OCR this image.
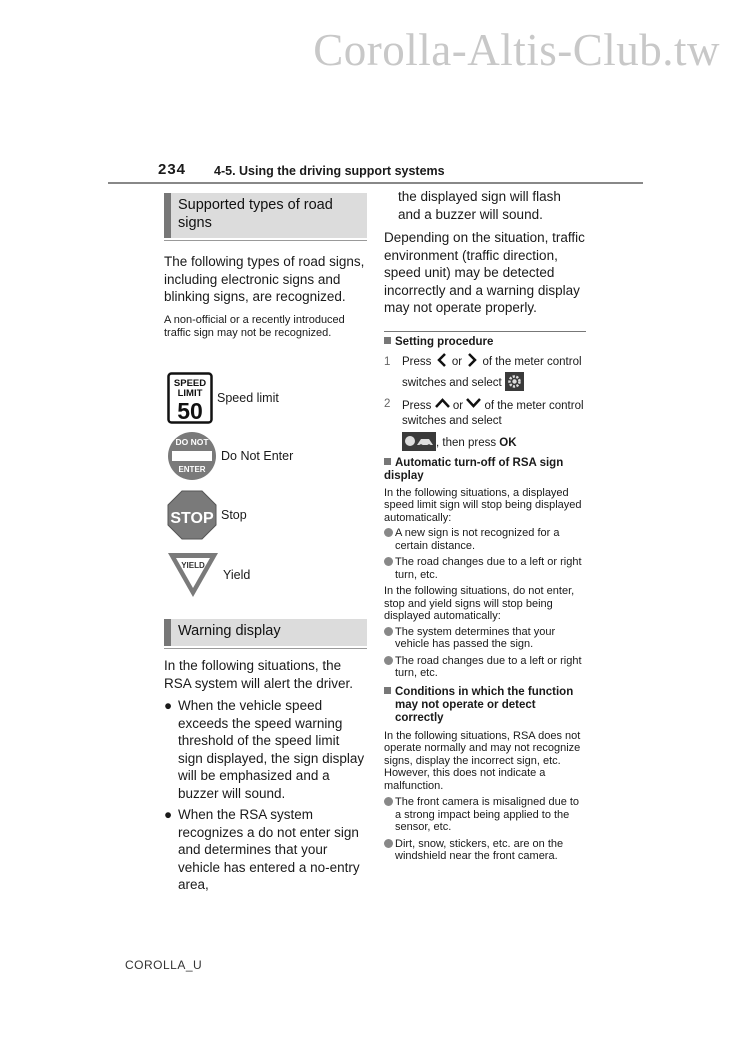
Corolla-Altis-Club.tw
234 4-5. Using the driving support systems
Supported types of road signs

The following types of road signs, including electronic signs and blinking signs, are recognized.

A non-official or a recently introduced traffic sign may not be recognized.

SPEED
LIMIT
50 Speed limit
DO NOT
ENTER
Do Not Enter
STOP Stop
YIELD
Yield
Warning display

In the following situations, the RSA system will alert the driver.

● When the vehicle speed exceeds the speed warning threshold of the speed limit sign displayed, the sign display will be emphasized and a buzzer will sound.
● When the RSA system recognizes a do not enter sign and determines that your vehicle has entered a no-entry area,

the displayed sign will flash and a buzzer will sound.

Depending on the situation, traffic environment (traffic direction, speed unit) may be detected incorrectly and a warning display may not operate properly.

Setting procedure
1 Press or of the meter control switches and select
2 Press or of the meter control switches and select
, then press OK
Automatic turn-off of RSA sign display

In the following situations, a displayed speed limit sign will stop being displayed automatically:

A new sign is not recognized for a certain distance.
The road changes due to a left or right turn, etc.

In the following situations, do not enter, stop and yield signs will stop being displayed automatically:

The system determines that your vehicle has passed the sign.
The road changes due to a left or right turn, etc.
Conditions in which the function may not operate or detect correctly

In the following situations, RSA does not operate normally and may not recognize signs, display the incorrect sign, etc. However, this does not indicate a malfunction.

The front camera is misaligned due to a strong impact being applied to the sensor, etc.
Dirt, snow, stickers, etc. are on the windshield near the front camera.
COROLLA_U
